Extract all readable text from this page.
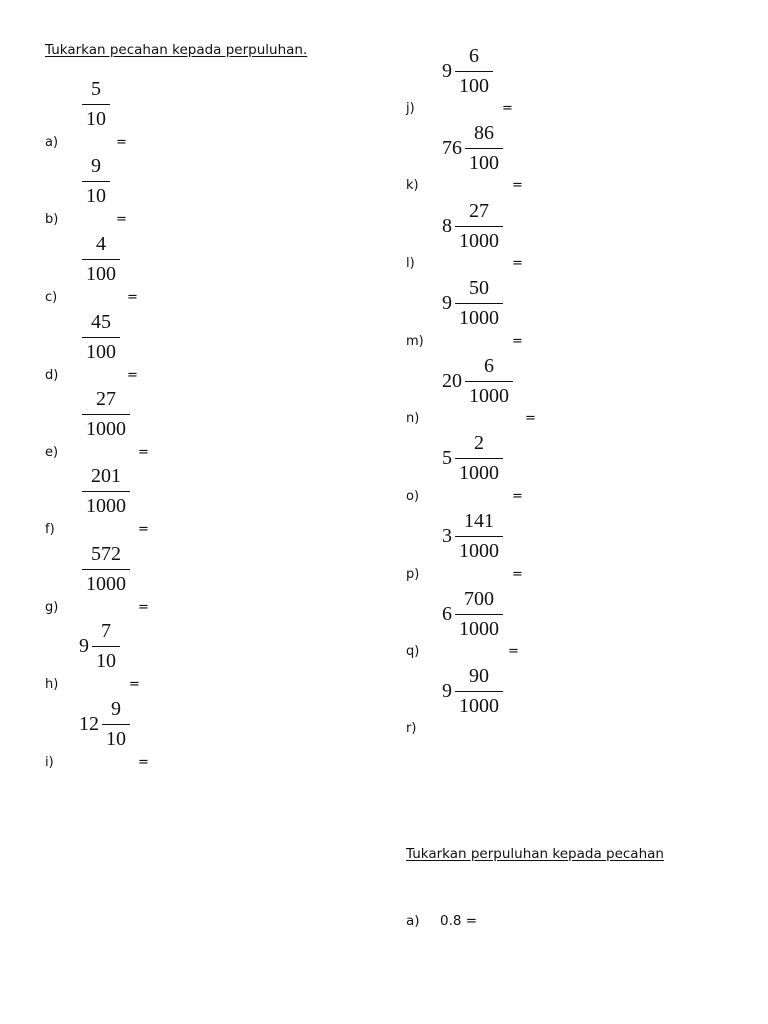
Tukarkan pecahan kepada perpuluhan.
$\frac{5}{10}$
a)	=
$\frac{9}{10}$
b)	=
$\frac{4}{100}$
c)	=
$\frac{45}{100}$
d)	=
$\frac{27}{1000}$
e)	=
$\frac{201}{1000}$
f)	=
$\frac{572}{1000}$
g)	=
$9 \frac{7}{10}$
h)	=
$12 \frac{9}{10}$
i)	=
$9 \frac{6}{100}$
j)	=
$76 \frac{86}{100}$
k)	=
$8 \frac{27}{1000}$
l)	=
$9 \frac{50}{1000}$
m)	=
$20 \frac{6}{1000}$
n)	=
$5 \frac{2}{1000}$
o)	=
$3 \frac{141}{1000}$
p)	=
$6 \frac{700}{1000}$
q)	=
$9 \frac{90}{1000}$
r)
Tukarkan perpuluhan kepada pecahan
a) 0.8 =
